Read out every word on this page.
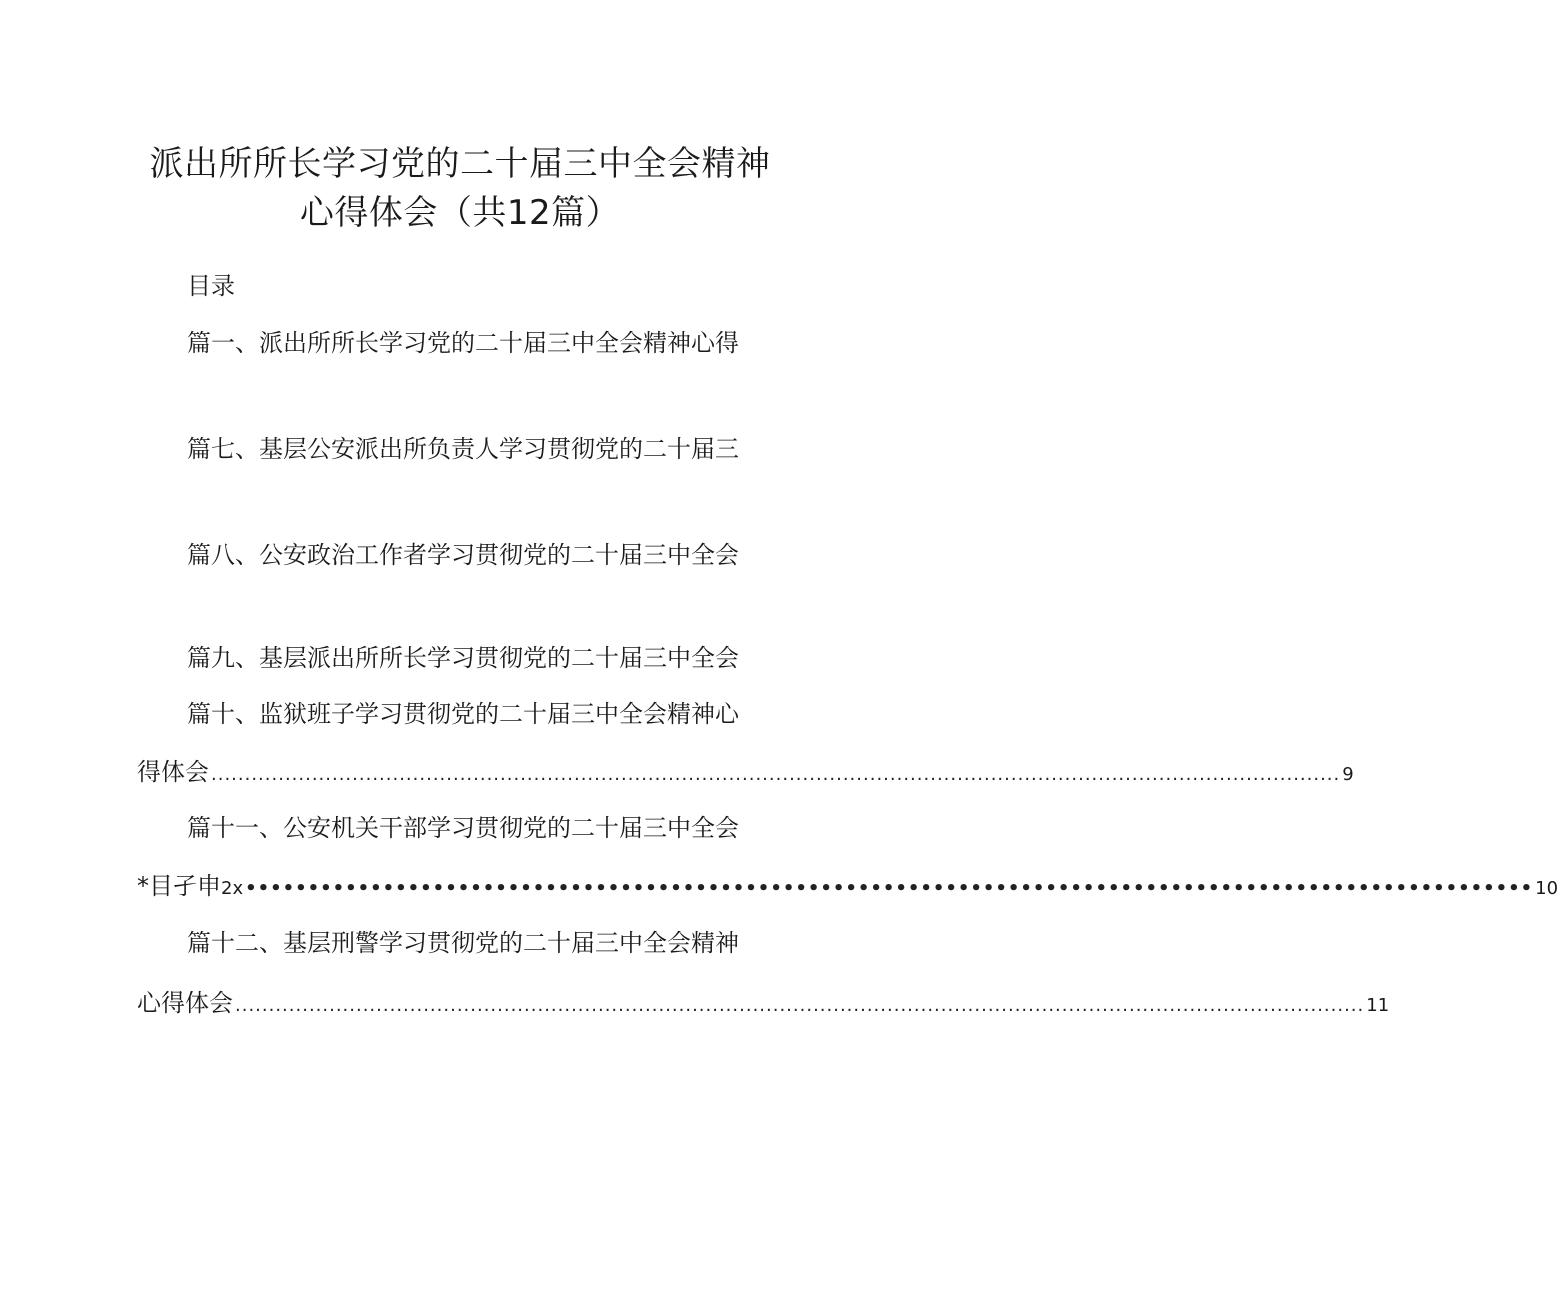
派出所所长学习党的二十届三中全会精神
心得体会（共12篇）
目录
篇一、派出所所长学习党的二十届三中全会精神心得
篇七、基层公安派出所负责人学习贯彻党的二十届三
篇八、公安政治工作者学习贯彻党的二十届三中全会
篇九、基层派出所所长学习贯彻党的二十届三中全会
篇十、监狱班子学习贯彻党的二十届三中全会精神心
得体会 ........................................................................................................................................................................ 9
篇十一、公安机关干部学习贯彻党的二十届三中全会
*目孑申 2x ••••••••••••••••••••••••••••••••••••••••••••••••••••••••••••••••••••••••••••••••••••••••••••••••••••••• 10
篇十二、基层刑警学习贯彻党的二十届三中全会精神
心得体会 ........................................................................................................................................................................ 11
